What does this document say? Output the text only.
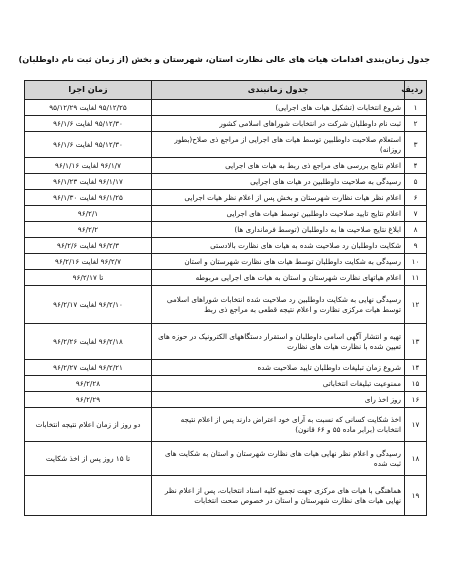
جدول زمان‌بندی اقدامات هیات های عالی نظارت استان، شهرستان و بخش (از زمان ثبت نام داوطلبان)
ردیف	جدول زمانبندی	زمان اجرا
۱	شروع انتخابات (تشکیل هیات های اجرایی)	۹۵/۱۲/۲۵ لغایت ۹۵/۱۲/۲۹
۲	ثبت نام داوطلبان شرکت در انتخابات شوراهای اسلامی کشور	۹۵/۱۲/۳۰ لغایت ۹۶/۱/۶
۳	استعلام صلاحیت داوطلبین توسط هیات های اجرایی از مراجع ذی صلاح(بطور روزانه)	۹۵/۱۲/۳۰ لغایت ۹۶/۱/۶
۴	اعلام نتایج بررسی های مراجع ذی ربط به هیات های اجرایی	۹۶/۱/۷ لغایت ۹۶/۱/۱۶
۵	رسیدگی به صلاحیت داوطلبین در هیات های اجرایی	۹۶/۱/۱۷ لغایت ۹۶/۱/۲۳
۶	اعلام نظر هیات نظارت شهرستان و بخش پس از اعلام نظر هیات اجرایی	۹۶/۱/۲۵ لغایت ۹۶/۱/۳۰
۷	اعلام نتایج تایید صلاحیت داوطلبین توسط هیات های اجرایی	۹۶/۲/۱
۸	ابلاغ نتایج صلاحیت ها به داوطلبان (توسط فرمانداری ها)	۹۶/۲/۲
۹	شکایت داوطلبان رد صلاحیت شده به هیات های نظارت بالادستی	۹۶/۲/۳ لغایت ۹۶/۲/۶
۱۰	رسیدگی به شکایت داوطلبان توسط هیات های نظارت شهرستان و استان	۹۶/۲/۷ لغایت ۹۶/۲/۱۶
۱۱	اعلام هیاتهای نظارت شهرستان و استان به هیات های اجرایی مربوطه	تا ۹۶/۲/۱۷
۱۲	رسیدگی نهایی به شکایت داوطلبین رد صلاحیت شده انتخابات شوراهای اسلامی توسط هیات مرکزی نظارت و اعلام نتیجه قطعی به مراجع ذی ربط	۹۶/۲/۱۰ لغایت ۹۶/۲/۱۷
۱۳	تهیه و انتشار آگهی اسامی داوطلبان و استقرار دستگاههای الکترونیک در حوزه های تعیین شده با نظارت هیات های نظارت	۹۶/۲/۱۸ لغایت ۹۶/۲/۲۶
۱۴	شروع زمان تبلیغات داوطلبان تایید صلاحیت شده	۹۶/۲/۲۱ لغایت ۹۶/۲/۲۷
۱۵	ممنوعیت تبلیغات انتخاباتی	۹۶/۲/۲۸
۱۶	روز اخذ رای	۹۶/۲/۲۹
۱۷	اخذ شکایت کسانی که نسبت به آرای خود اعتراض دارند پس از اعلام نتیجه انتخابات (برابر ماده ۵۵ و ۶۶ قانون)	دو روز از زمان اعلام نتیجه انتخابات
۱۸	رسیدگی و اعلام نظر نهایی هیات های نظارت شهرستان و استان به شکایت های ثبت شده	تا ۱۵ روز پس از اخذ شکایت
۱۹	هماهنگی با هیات های مرکزی جهت تجمیع کلیه اسناد انتخابات، پس از اعلام نظر نهایی هیات های نظارت شهرستان و استان در خصوص صحت انتخابات	
